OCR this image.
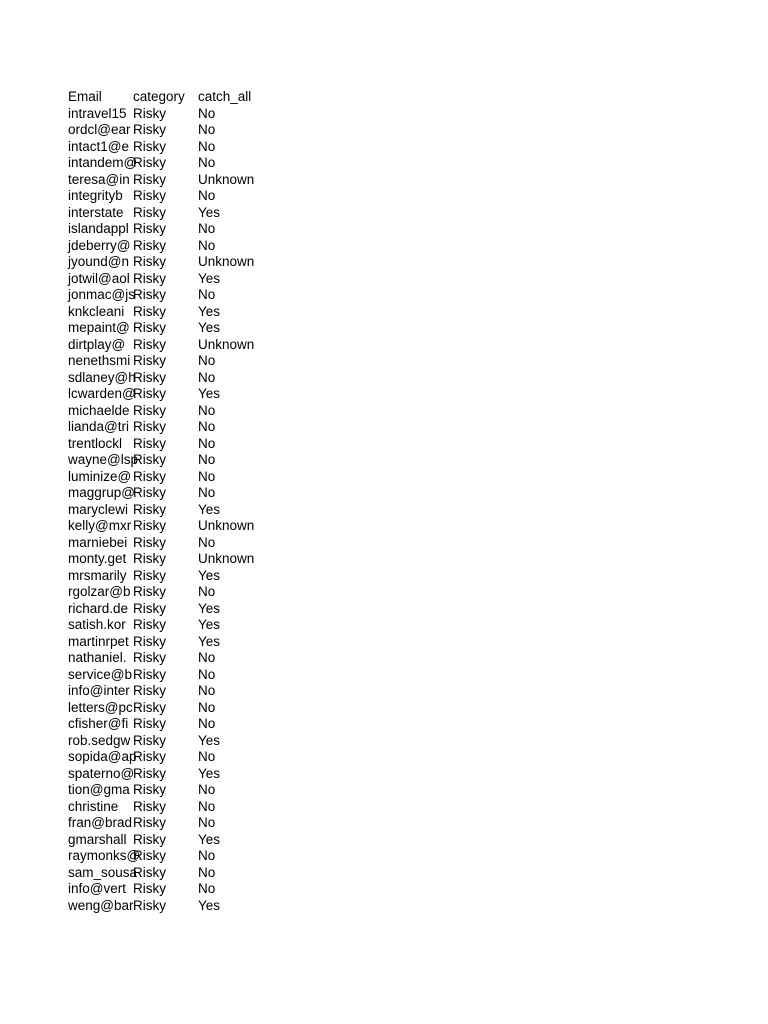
Email	category	catch_all
intravel15	Risky	No
ordcl@ear	Risky	No
intact1@e	Risky	No
intandem@	Risky	No
teresa@in	Risky	Unknown
integrityb	Risky	No
interstate	Risky	Yes
islandappl	Risky	No
jdeberry@	Risky	No
jyound@n	Risky	Unknown
jotwil@aol	Risky	Yes
jonmac@js	Risky	No
knkcleani	Risky	Yes
mepaint@	Risky	Yes
dirtplay@	Risky	Unknown
nenethsmi	Risky	No
sdlaney@h	Risky	No
lcwarden@	Risky	Yes
michaelde	Risky	No
lianda@tri	Risky	No
trentlockl	Risky	No
wayne@lsp	Risky	No
luminize@	Risky	No
maggrup@	Risky	No
maryclewi	Risky	Yes
kelly@mxr	Risky	Unknown
marniebei	Risky	No
monty.get	Risky	Unknown
mrsmarily	Risky	Yes
rgolzar@b	Risky	No
richard.de	Risky	Yes
satish.kor	Risky	Yes
martinrpet	Risky	Yes
nathaniel.	Risky	No
service@b	Risky	No
info@inter	Risky	No
letters@pc	Risky	No
cfisher@fi	Risky	No
rob.sedgw	Risky	Yes
sopida@ap	Risky	No
spaterno@	Risky	Yes
tion@gma	Risky	No
christine	Risky	No
fran@brad	Risky	No
gmarshall	Risky	Yes
raymonks@	Risky	No
sam_sousa	Risky	No
info@vert	Risky	No
weng@bar	Risky	Yes
